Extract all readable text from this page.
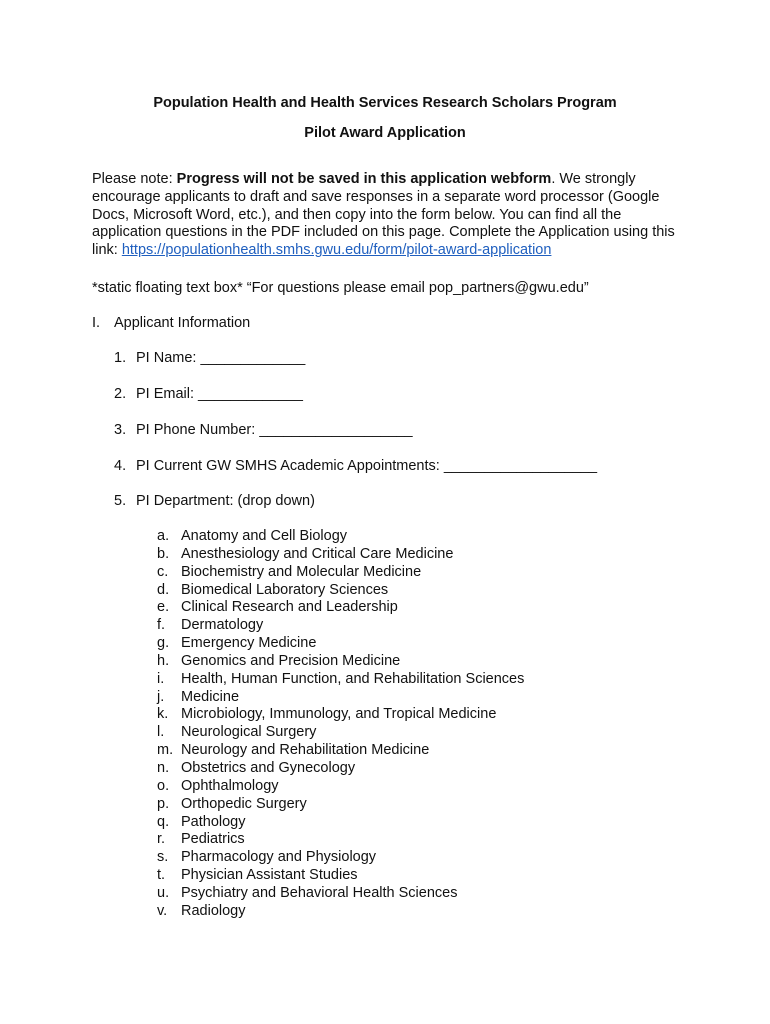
Population Health and Health Services Research Scholars Program
Pilot Award Application
Please note: Progress will not be saved in this application webform. We strongly encourage applicants to draft and save responses in a separate word processor (Google Docs, Microsoft Word, etc.), and then copy into the form below. You can find all the application questions in the PDF included on this page. Complete the Application using this link: https://populationhealth.smhs.gwu.edu/form/pilot-award-application
*static floating text box* “For questions please email pop_partners@gwu.edu”
I. Applicant Information
1. PI Name: _____________
2. PI Email: _____________
3. PI Phone Number: ___________________
4. PI Current GW SMHS Academic Appointments: ___________________
5. PI Department: (drop down)
a. Anatomy and Cell Biology
b. Anesthesiology and Critical Care Medicine
c. Biochemistry and Molecular Medicine
d. Biomedical Laboratory Sciences
e. Clinical Research and Leadership
f. Dermatology
g. Emergency Medicine
h. Genomics and Precision Medicine
i. Health, Human Function, and Rehabilitation Sciences
j. Medicine
k. Microbiology, Immunology, and Tropical Medicine
l. Neurological Surgery
m. Neurology and Rehabilitation Medicine
n. Obstetrics and Gynecology
o. Ophthalmology
p. Orthopedic Surgery
q. Pathology
r. Pediatrics
s. Pharmacology and Physiology
t. Physician Assistant Studies
u. Psychiatry and Behavioral Health Sciences
v. Radiology
